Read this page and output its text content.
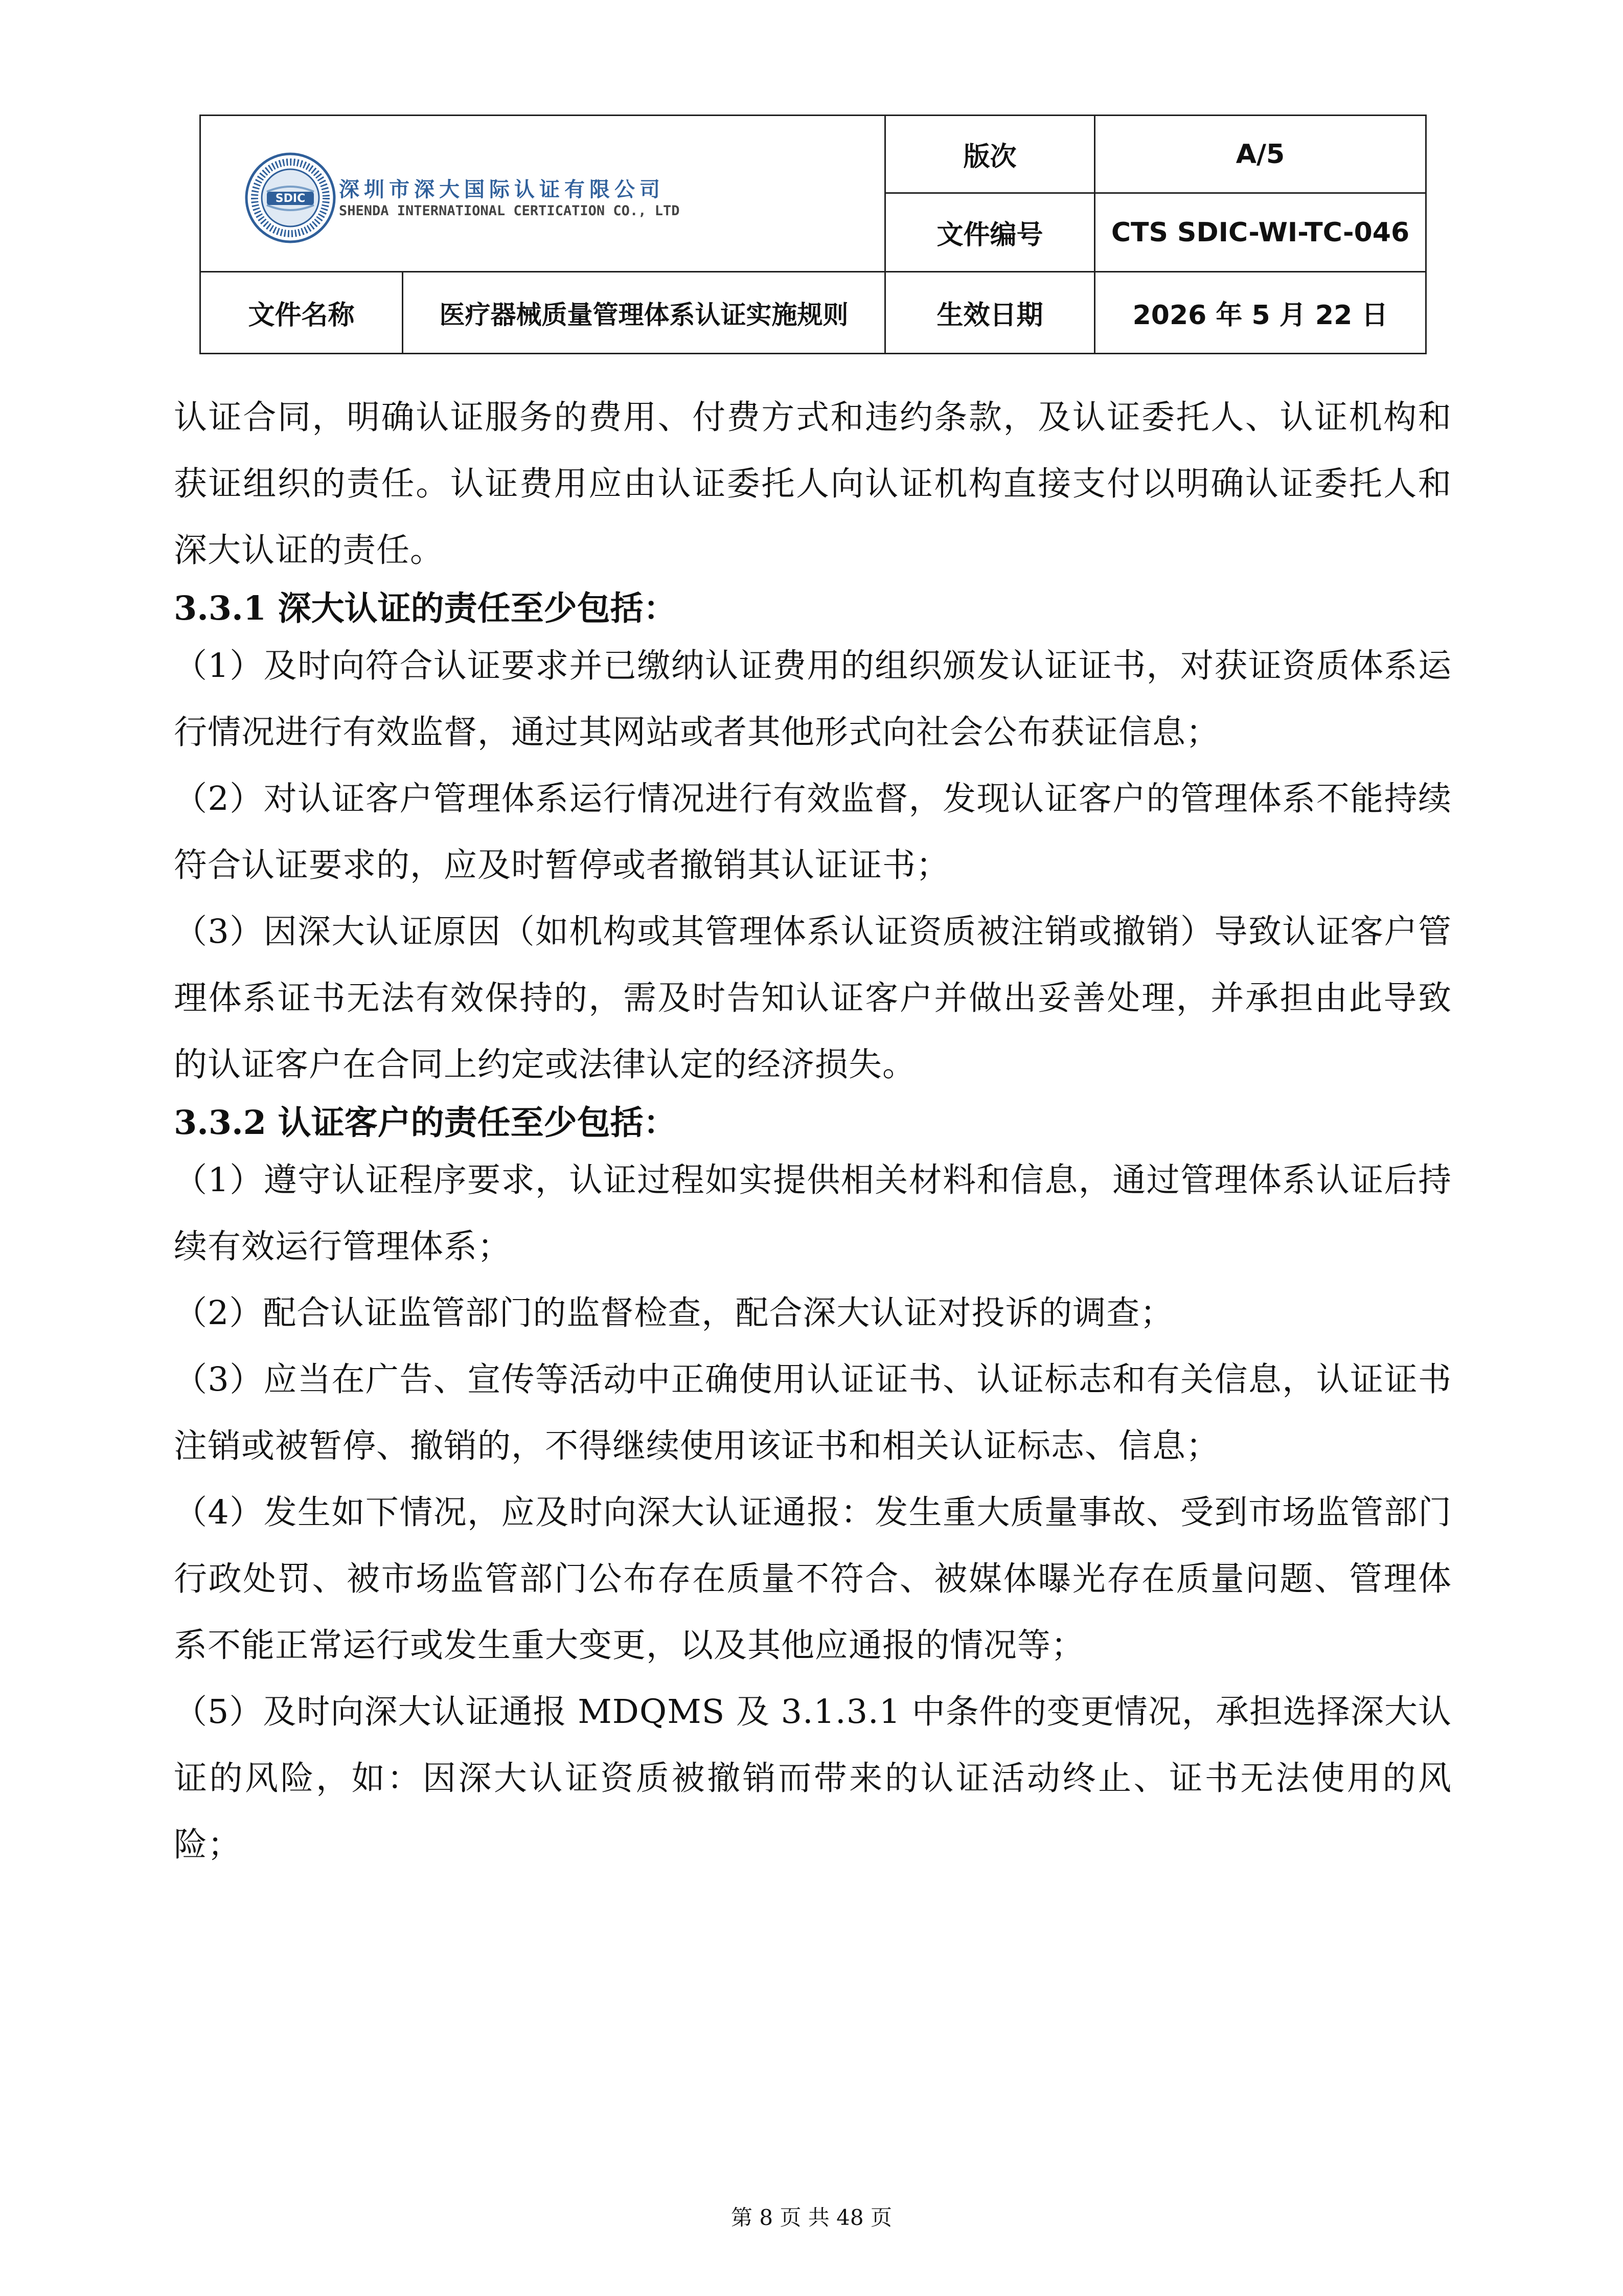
SDIC 深圳市深大国际认证有限公司
SHENDA INTERNATIONAL CERTICATION CO., LTD		版次	A/5
		文件编号	CTS SDIC-WI-TC-046
文件名称	医疗器械质量管理体系认证实施规则	生效日期	2026 年 5 月 22 日

认证合同，明确认证服务的费用、付费方式和违约条款，及认证委托人、认证机构和获证组织的责任。认证费用应由认证委托人向认证机构直接支付以明确认证委托人和深大认证的责任。

3.3.1 深大认证的责任至少包括：

（1）及时向符合认证要求并已缴纳认证费用的组织颁发认证证书，对获证资质体系运行情况进行有效监督，通过其网站或者其他形式向社会公布获证信息；

（2）对认证客户管理体系运行情况进行有效监督，发现认证客户的管理体系不能持续符合认证要求的，应及时暂停或者撤销其认证证书；

（3）因深大认证原因（如机构或其管理体系认证资质被注销或撤销）导致认证客户管理体系证书无法有效保持的，需及时告知认证客户并做出妥善处理，并承担由此导致的认证客户在合同上约定或法律认定的经济损失。

3.3.2 认证客户的责任至少包括：

（1）遵守认证程序要求，认证过程如实提供相关材料和信息，通过管理体系认证后持续有效运行管理体系；

（2）配合认证监管部门的监督检查，配合深大认证对投诉的调查；

（3）应当在广告、宣传等活动中正确使用认证证书、认证标志和有关信息，认证证书注销或被暂停、撤销的，不得继续使用该证书和相关认证标志、信息；

（4）发生如下情况，应及时向深大认证通报：发生重大质量事故、受到市场监管部门行政处罚、被市场监管部门公布存在质量不符合、被媒体曝光存在质量问题、管理体系不能正常运行或发生重大变更，以及其他应通报的情况等；

（5）及时向深大认证通报 MDQMS 及 3.1.3.1 中条件的变更情况，承担选择深大认证的风险，如：因深大认证资质被撤销而带来的认证活动终止、证书无法使用的风险；

第 8 页 共 48 页
